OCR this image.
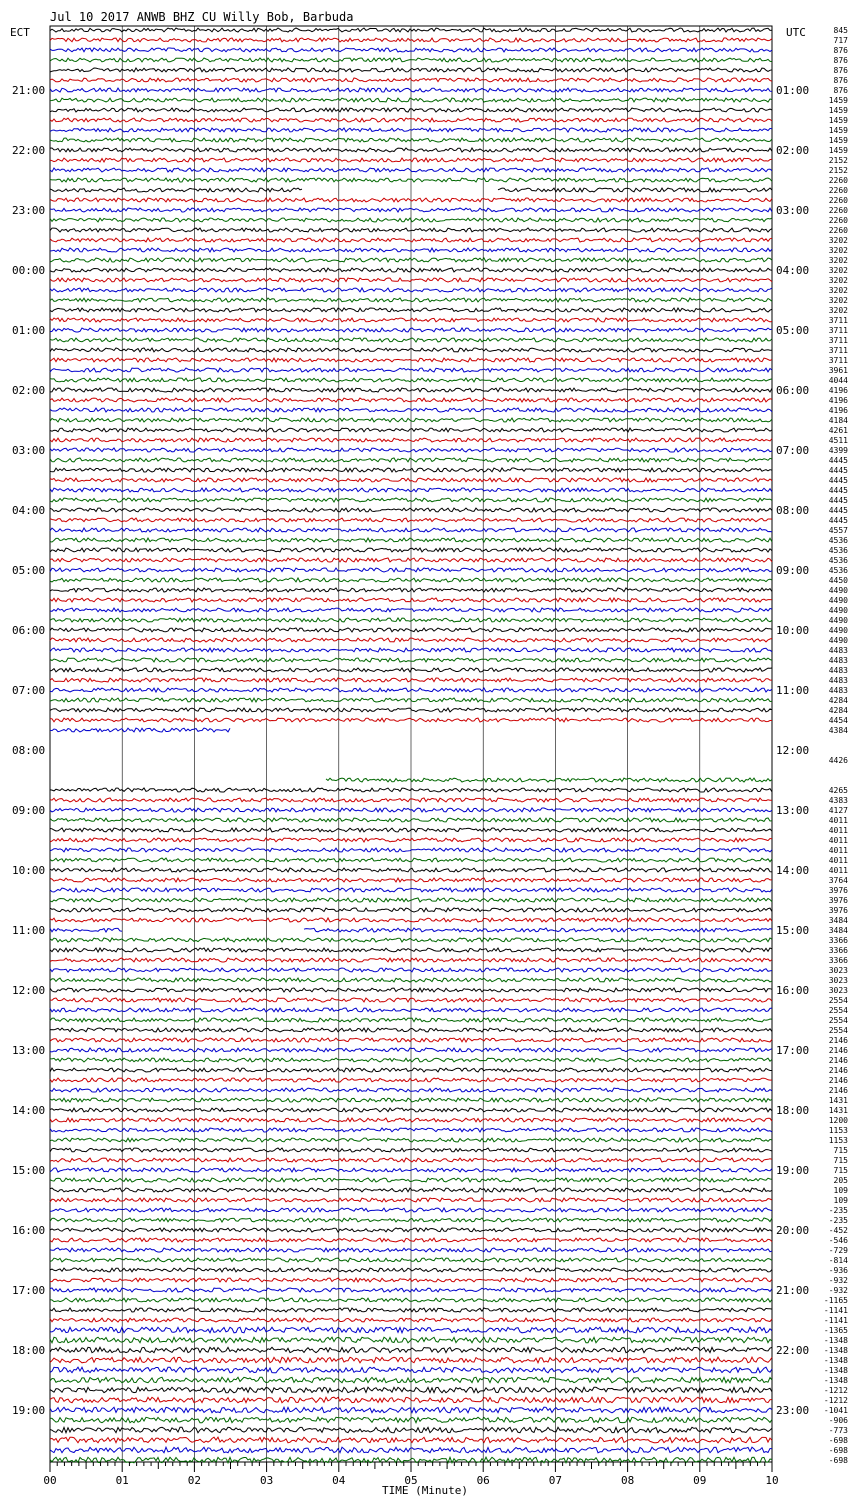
Jul 10 2017 ANWB BHZ CU Willy Bob, Barbuda
ECT	UTC
21:00	01:00
22:00	02:00
23:00	03:00
00:00	04:00
01:00	05:00
02:00	06:00
03:00	07:00
04:00	08:00
05:00	09:00
06:00	10:00
07:00	11:00
08:00	12:00
09:00	13:00
10:00	14:00
11:00	15:00
12:00	16:00
13:00	17:00
14:00	18:00
15:00	19:00
16:00	20:00
17:00	21:00
18:00	22:00
19:00	23:00
845
717
876
876
876
876
876
1459
1459
1459
1459
1459
1459
2152
2152
2260
2260
2260
2260
2260
2260
3202
3202
3202
3202
3202
3202
3202
3202
3711
3711
3711
3711
3711
3961
4044
4196
4196
4196
4184
4261
4511
4399
4445
4445
4445
4445
4445
4445
4445
4557
4536
4536
4536
4536
4450
4490
4490
4490
4490
4490
4490
4483
4483
4483
4483
4483
4284
4284
4454
4384
4426
4265
4383
4127
4011
4011
4011
4011
4011
4011
3764
3976
3976
3976
3484
3484
3366
3366
3366
3023
3023
3023
2554
2554
2554
2554
2146
2146
2146
2146
2146
2146
1431
1431
1200
1153
1153
715
715
715
205
109
109
-235
-235
-452
-546
-729
-814
-936
-932
-932
-1165
-1141
-1141
-1365
-1348
-1348
-1348
-1348
-1348
-1212
-1212
-1041
-906
-773
-698
-698
-698
00	01	02	03	04	05	06	07	08	09	10
TIME (Minute)
